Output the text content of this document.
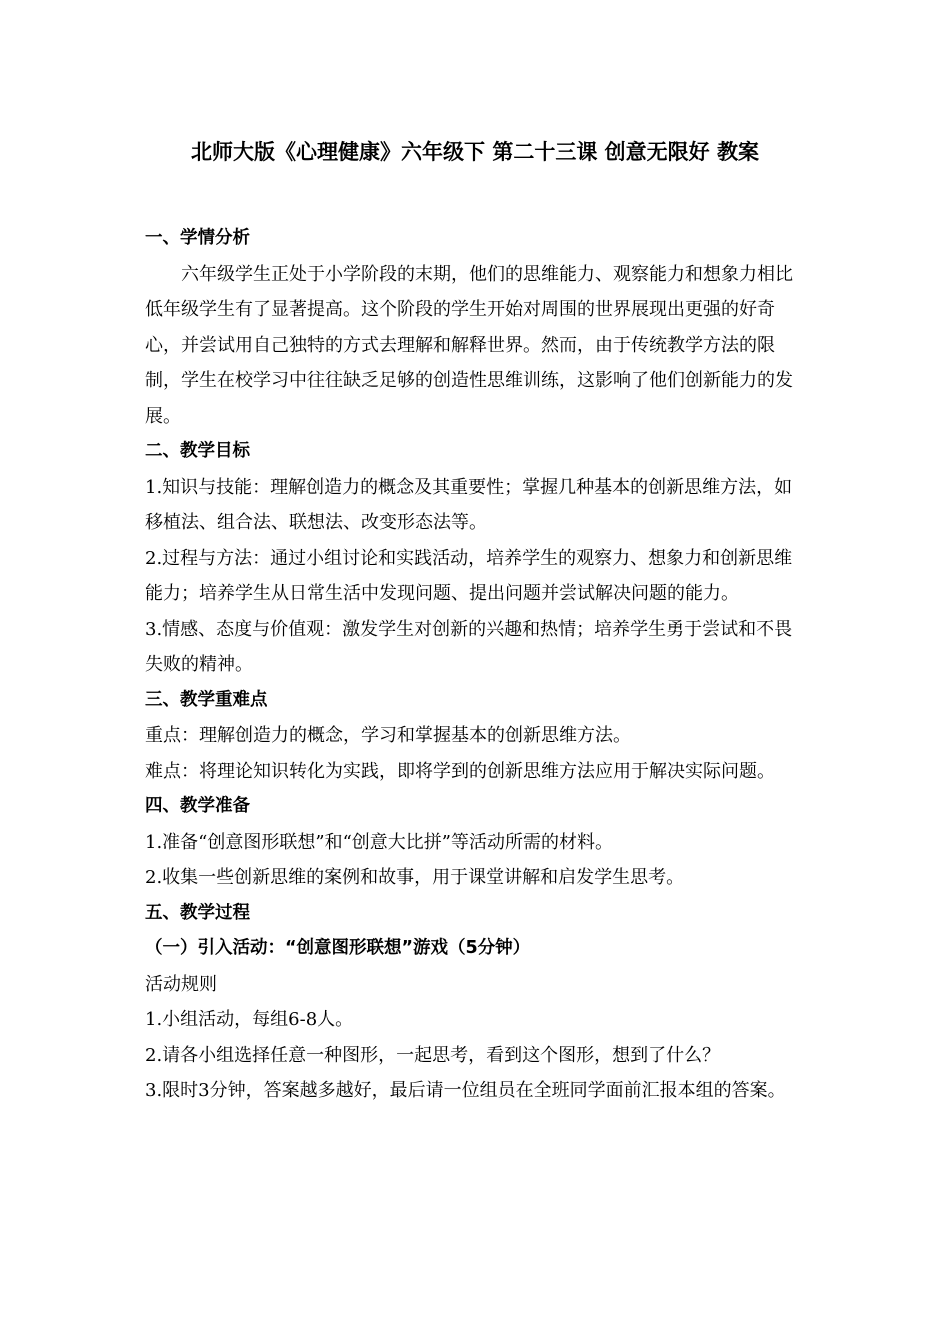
北师大版《心理健康》六年级下 第二十三课 创意无限好 教案

一、学情分析

六年级学生正处于小学阶段的末期，他们的思维能力、观察能力和想象力相比低年级学生有了显著提高。这个阶段的学生开始对周围的世界展现出更强的好奇心，并尝试用自己独特的方式去理解和解释世界。然而，由于传统教学方法的限制，学生在校学习中往往缺乏足够的创造性思维训练，这影响了他们创新能力的发展。

二、教学目标

1.知识与技能：理解创造力的概念及其重要性；掌握几种基本的创新思维方法，如移植法、组合法、联想法、改变形态法等。

2.过程与方法：通过小组讨论和实践活动，培养学生的观察力、想象力和创新思维能力；培养学生从日常生活中发现问题、提出问题并尝试解决问题的能力。

3.情感、态度与价值观：激发学生对创新的兴趣和热情；培养学生勇于尝试和不畏失败的精神。

三、教学重难点

重点：理解创造力的概念，学习和掌握基本的创新思维方法。

难点：将理论知识转化为实践，即将学到的创新思维方法应用于解决实际问题。

四、教学准备

1.准备“创意图形联想”和“创意大比拼”等活动所需的材料。

2.收集一些创新思维的案例和故事，用于课堂讲解和启发学生思考。

五、教学过程

（一）引入活动：“创意图形联想”游戏（5分钟）

活动规则

1.小组活动，每组6-8人。

2.请各小组选择任意一种图形，一起思考，看到这个图形，想到了什么？

3.限时3分钟，答案越多越好，最后请一位组员在全班同学面前汇报本组的答案。
